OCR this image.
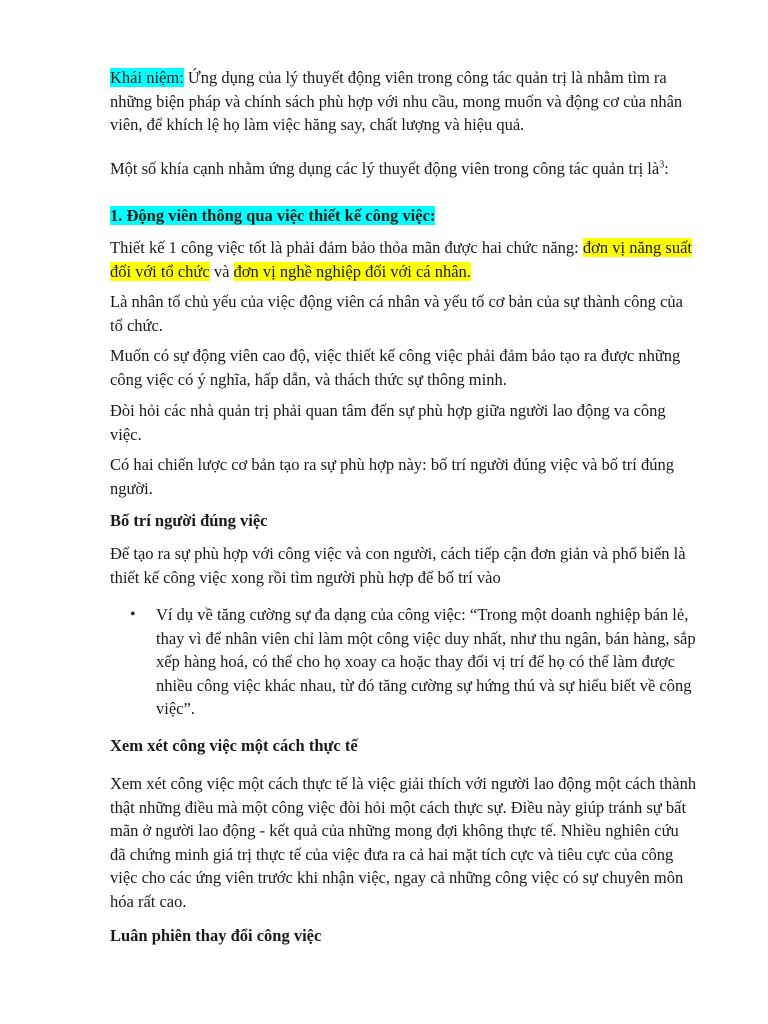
Khái niệm: Ứng dụng của lý thuyết động viên trong công tác quản trị là nhằm tìm ra những biện pháp và chính sách phù hợp với nhu cầu, mong muốn và động cơ của nhân viên, để khích lệ họ làm việc hăng say, chất lượng và hiệu quả.

Một số khía cạnh nhằm ứng dụng các lý thuyết động viên trong công tác quản trị $là^3$:

1. Động viên thông qua việc thiết kế công việc:

Thiết kế 1 công việc tốt là phải đảm bảo thỏa mãn được hai chức năng: đơn vị năng suất đối với tổ chức và đơn vị nghề nghiệp đối với cá nhân.

Là nhân tố chủ yếu của việc động viên cá nhân và yếu tố cơ bản của sự thành công của tổ chức.

Muốn có sự động viên cao độ, việc thiết kế công việc phải đảm bảo tạo ra được những công việc có ý nghĩa, hấp dẫn, và thách thức sự thông minh.

Đòi hỏi các nhà quản trị phải quan tâm đến sự phù hợp giữa người lao động va công việc.

Có hai chiến lược cơ bản tạo ra sự phù hợp này: bố trí người đúng việc và bố trí đúng người.

Bố trí người đúng việc

Để tạo ra sự phù hợp với công việc và con người, cách tiếp cận đơn giản và phổ biến là thiết kế công việc xong rồi tìm người phù hợp để bố trí vào

• Ví dụ về tăng cường sự đa dạng của công việc: “Trong một doanh nghiệp bán lẻ, thay vì để nhân viên chỉ làm một công việc duy nhất, như thu ngân, bán hàng, sắp xếp hàng hoá, có thể cho họ xoay ca hoặc thay đổi vị trí để họ có thể làm được nhiều công việc khác nhau, từ đó tăng cường sự hứng thú và sự hiểu biết về công việc”.

Xem xét công việc một cách thực tế

Xem xét công việc một cách thực tế là việc giải thích với người lao động một cách thành thật những điều mà một công việc đòi hỏi một cách thực sự. Điều này giúp tránh sự bất mãn ở người lao động - kết quả của những mong đợi không thực tế. Nhiều nghiên cứu đã chứng minh giá trị thực tế của việc đưa ra cả hai mặt tích cực và tiêu cực của công việc cho các ứng viên trước khi nhận việc, ngay cả những công việc có sự chuyên môn hóa rất cao.

Luân phiên thay đổi công việc
